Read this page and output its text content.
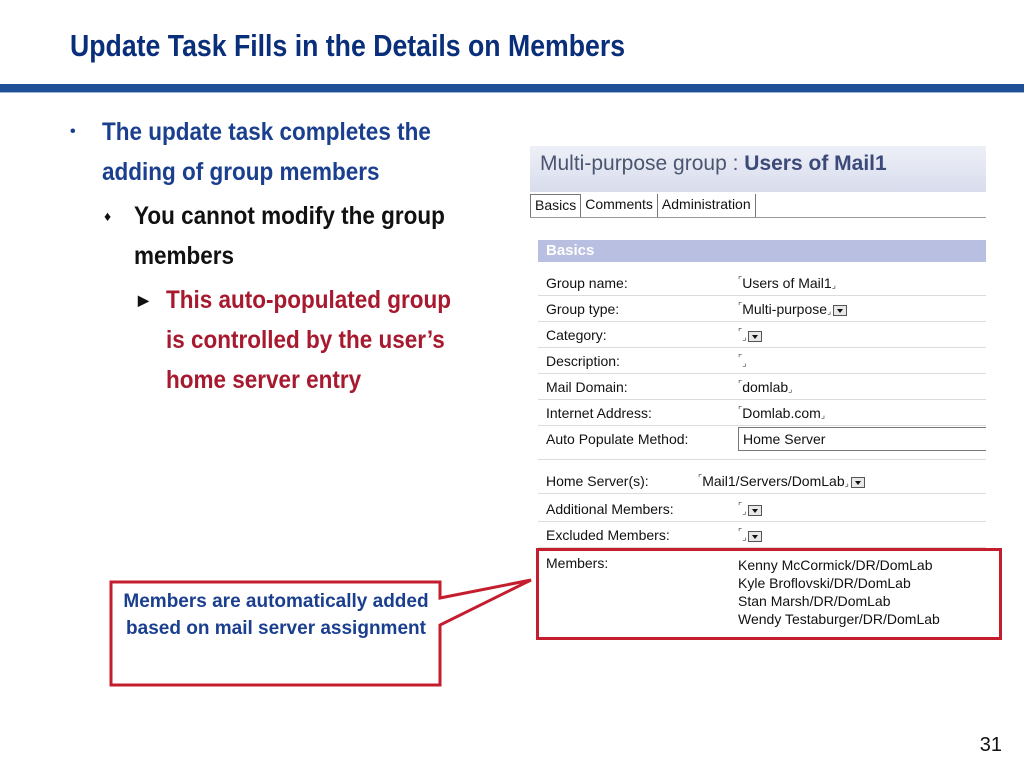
Update Task Fills in the Details on Members
• The update task completes the adding of group members
♦ You cannot modify the group members
▶ This auto-populated group is controlled by the user’s home server entry
Multi-purpose group : Users of Mail1
Basics Comments Administration
Basics
Group name:	⌜Users of Mail1⌟
Group type:	⌜Multi-purpose⌟
Category:	⌜⌟
Description:	⌜⌟
Mail Domain:	⌜domlab⌟
Internet Address:	⌜Domlab.com⌟
Auto Populate Method:	Home Server
Home Server(s):	⌜Mail1/Servers/DomLab⌟
Additional Members:	⌜⌟
Excluded Members:	⌜⌟
Members:	Kenny McCormick/DR/DomLab
Kyle Broflovski/DR/DomLab
Stan Marsh/DR/DomLab
Wendy Testaburger/DR/DomLab
Members are automatically added based on mail server assignment
31
